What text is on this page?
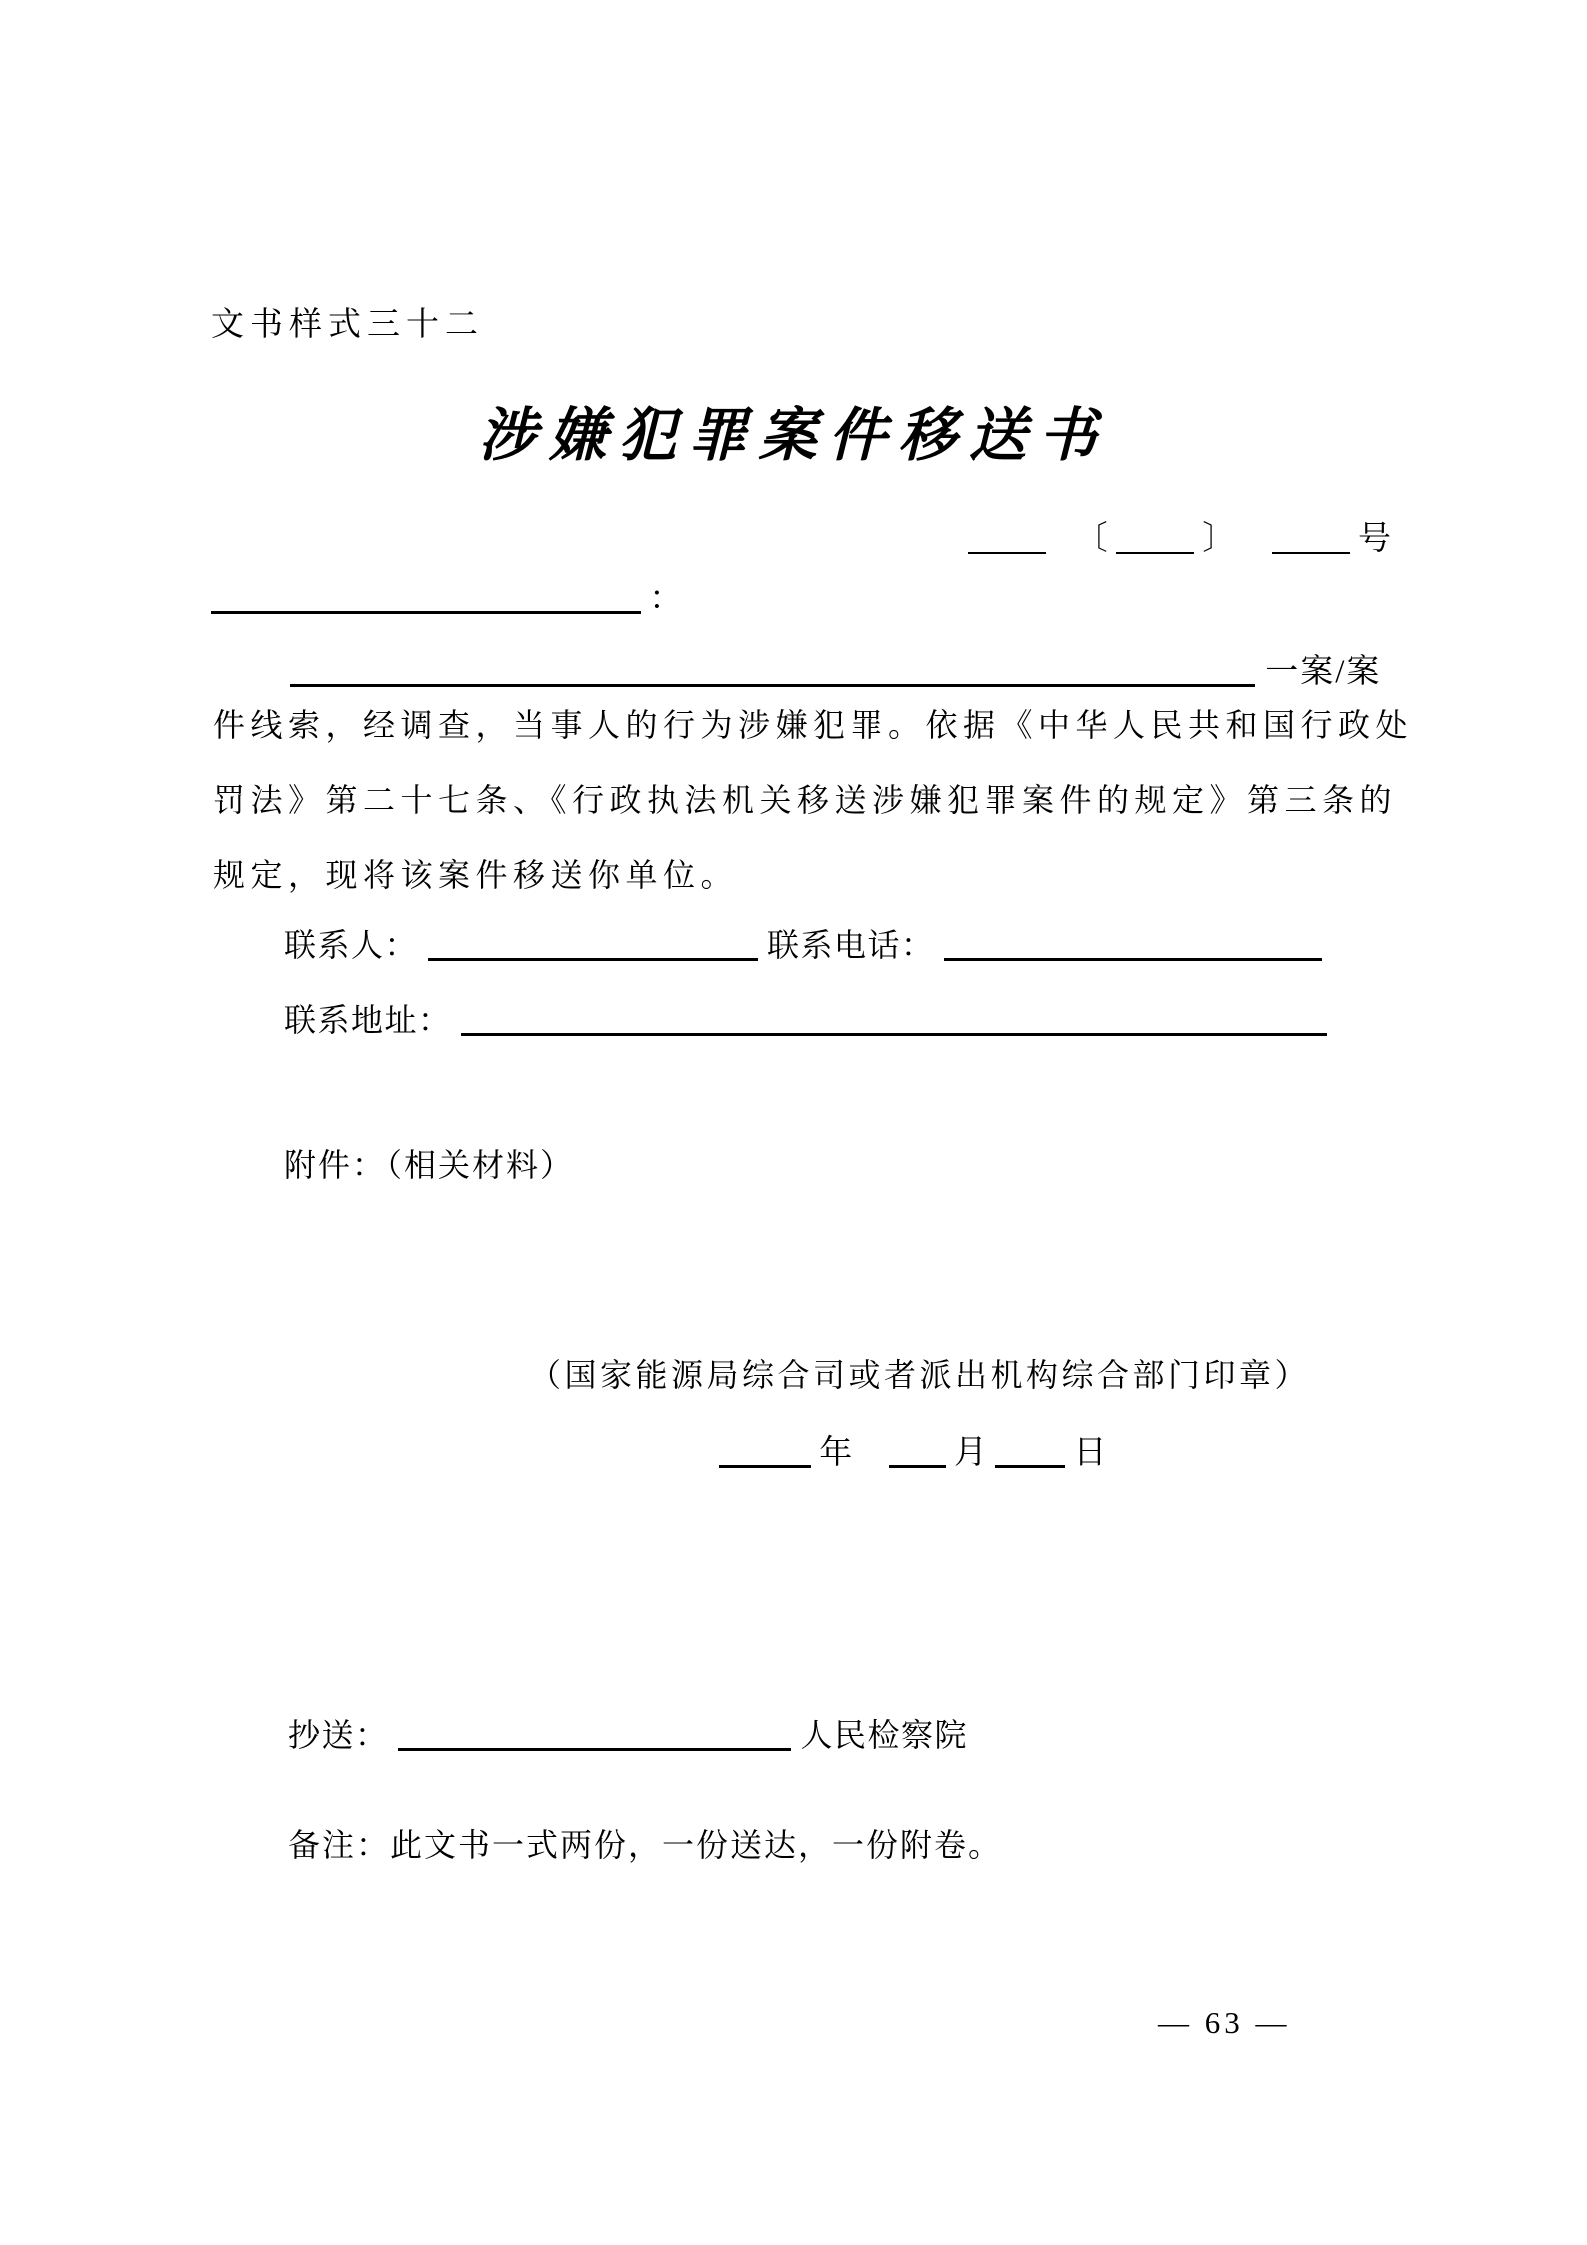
文书样式三十二
涉嫌犯罪案件移送书
〔	〕	号
：
一案/案
件线索，经调查，当事人的行为涉嫌犯罪。依据《中华人民共和国行政处
罚法》第二十七条、《行政执法机关移送涉嫌犯罪案件的规定》第三条的
规定，现将该案件移送你单位。
联系人：	联系电话：
联系地址：
附件：（相关材料）
（国家能源局综合司或者派出机构综合部门印章）
年	月	日
抄送：	人民检察院
备注：此文书一式两份，一份送达，一份附卷。
— 63 —
